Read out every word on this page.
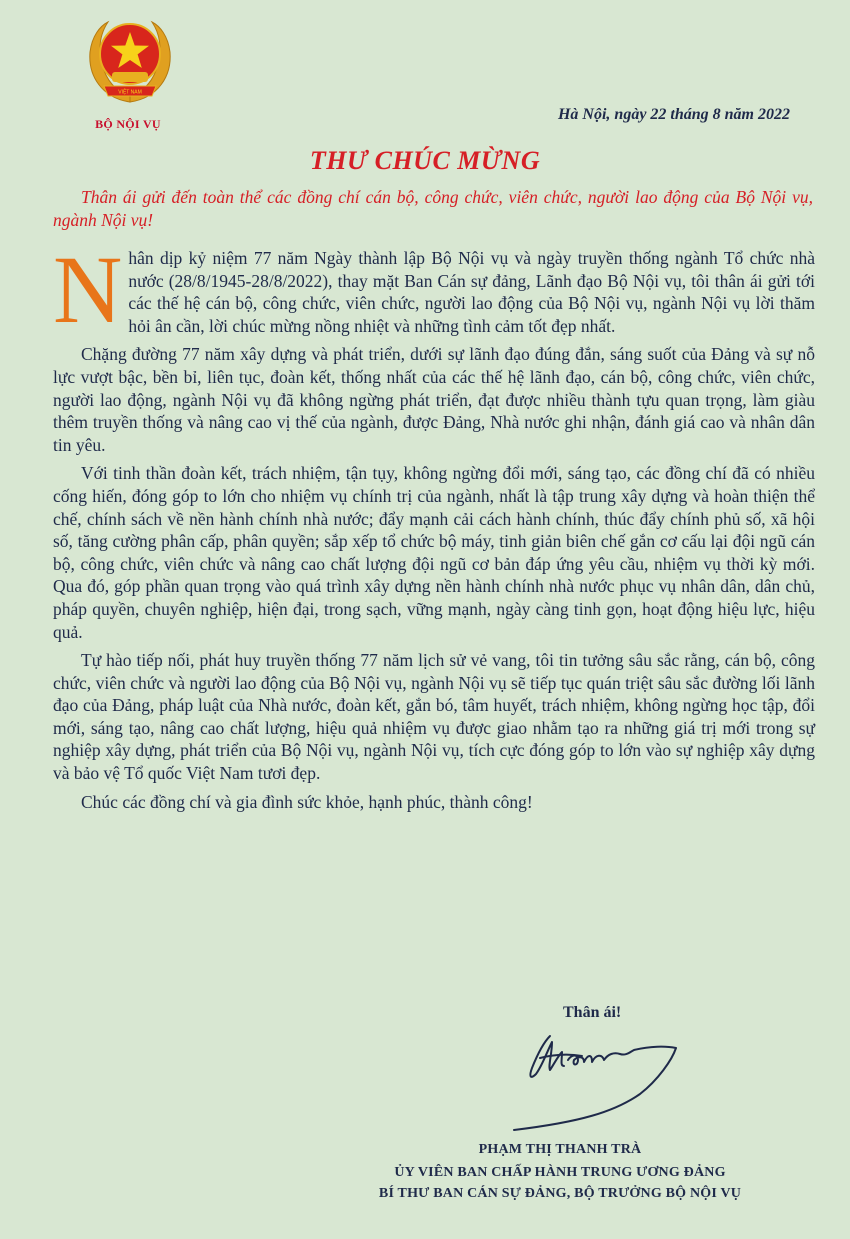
VIỆT NAM
BỘ NỘI VỤ
Hà Nội, ngày 22 tháng 8 năm 2022
THƯ CHÚC MỪNG
Thân ái gửi đến toàn thể các đồng chí cán bộ, công chức, viên chức, người lao động của Bộ Nội vụ, ngành Nội vụ!

Nhân dịp kỷ niệm 77 năm Ngày thành lập Bộ Nội vụ và ngày truyền thống ngành Tổ chức nhà nước (28/8/1945-28/8/2022), thay mặt Ban Cán sự đảng, Lãnh đạo Bộ Nội vụ, tôi thân ái gửi tới các thế hệ cán bộ, công chức, viên chức, người lao động của Bộ Nội vụ, ngành Nội vụ lời thăm hỏi ân cần, lời chúc mừng nồng nhiệt và những tình cảm tốt đẹp nhất.

Chặng đường 77 năm xây dựng và phát triển, dưới sự lãnh đạo đúng đắn, sáng suốt của Đảng và sự nỗ lực vượt bậc, bền bỉ, liên tục, đoàn kết, thống nhất của các thế hệ lãnh đạo, cán bộ, công chức, viên chức, người lao động, ngành Nội vụ đã không ngừng phát triển, đạt được nhiều thành tựu quan trọng, làm giàu thêm truyền thống và nâng cao vị thế của ngành, được Đảng, Nhà nước ghi nhận, đánh giá cao và nhân dân tin yêu.

Với tinh thần đoàn kết, trách nhiệm, tận tụy, không ngừng đổi mới, sáng tạo, các đồng chí đã có nhiều cống hiến, đóng góp to lớn cho nhiệm vụ chính trị của ngành, nhất là tập trung xây dựng và hoàn thiện thể chế, chính sách về nền hành chính nhà nước; đẩy mạnh cải cách hành chính, thúc đẩy chính phủ số, xã hội số, tăng cường phân cấp, phân quyền; sắp xếp tổ chức bộ máy, tinh giản biên chế gắn cơ cấu lại đội ngũ cán bộ, công chức, viên chức và nâng cao chất lượng đội ngũ cơ bản đáp ứng yêu cầu, nhiệm vụ thời kỳ mới. Qua đó, góp phần quan trọng vào quá trình xây dựng nền hành chính nhà nước phục vụ nhân dân, dân chủ, pháp quyền, chuyên nghiệp, hiện đại, trong sạch, vững mạnh, ngày càng tinh gọn, hoạt động hiệu lực, hiệu quả.

Tự hào tiếp nối, phát huy truyền thống 77 năm lịch sử vẻ vang, tôi tin tưởng sâu sắc rằng, cán bộ, công chức, viên chức và người lao động của Bộ Nội vụ, ngành Nội vụ sẽ tiếp tục quán triệt sâu sắc đường lối lãnh đạo của Đảng, pháp luật của Nhà nước, đoàn kết, gắn bó, tâm huyết, trách nhiệm, không ngừng học tập, đổi mới, sáng tạo, nâng cao chất lượng, hiệu quả nhiệm vụ được giao nhằm tạo ra những giá trị mới trong sự nghiệp xây dựng, phát triển của Bộ Nội vụ, ngành Nội vụ, tích cực đóng góp to lớn vào sự nghiệp xây dựng và bảo vệ Tổ quốc Việt Nam tươi đẹp.

Chúc các đồng chí và gia đình sức khỏe, hạnh phúc, thành công!

Thân ái!
PHẠM THỊ THANH TRÀ
ỦY VIÊN BAN CHẤP HÀNH TRUNG ƯƠNG ĐẢNG
BÍ THƯ BAN CÁN SỰ ĐẢNG, BỘ TRƯỞNG BỘ NỘI VỤ
